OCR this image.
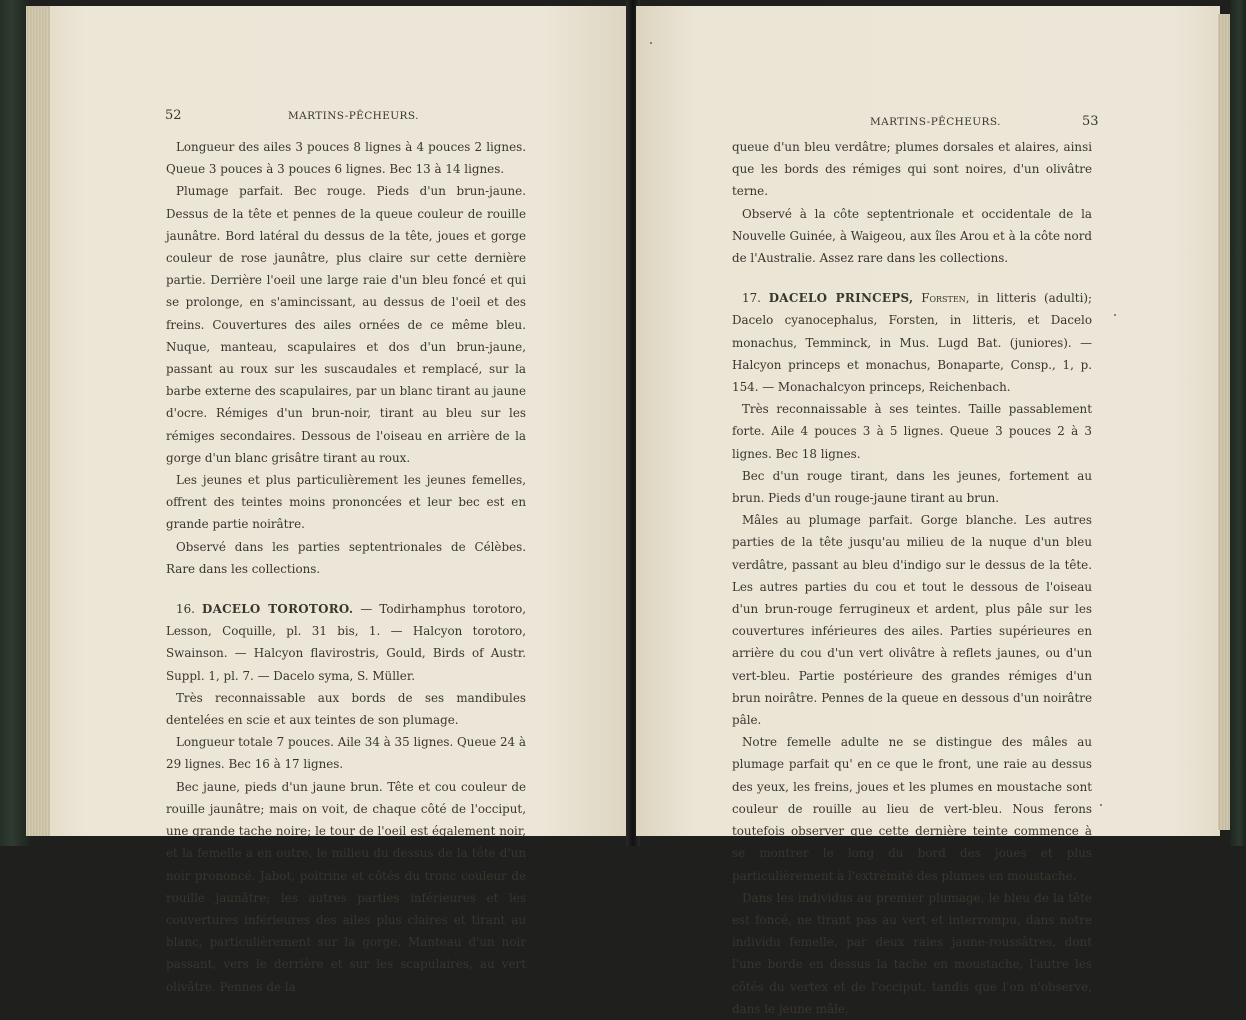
52	MARTINS-PÊCHEURS.

Longueur des ailes 3 pouces 8 lignes à 4 pouces 2 lignes. Queue 3 pouces à 3 pouces 6 lignes. Bec 13 à 14 lignes.

Plumage parfait. Bec rouge. Pieds d'un brun-jaune. Dessus de la tête et pennes de la queue couleur de rouille jaunâtre. Bord latéral du dessus de la tête, joues et gorge couleur de rose jaunâtre, plus claire sur cette dernière partie. Derrière l'oeil une large raie d'un bleu foncé et qui se prolonge, en s'amincissant, au dessus de l'oeil et des freins. Couvertures des ailes ornées de ce même bleu. Nuque, manteau, scapulaires et dos d'un brun-jaune, passant au roux sur les suscaudales et remplacé, sur la barbe externe des scapulaires, par un blanc tirant au jaune d'ocre. Rémiges d'un brun-noir, tirant au bleu sur les rémiges secondaires. Dessous de l'oiseau en arrière de la gorge d'un blanc grisâtre tirant au roux.

Les jeunes et plus particulièrement les jeunes femelles, offrent des teintes moins prononcées et leur bec est en grande partie noirâtre.

Observé dans les parties septentrionales de Célèbes. Rare dans les collections.

16. DACELO TOROTORO. — Todirhamphus torotoro, Lesson, Coquille, pl. 31 bis, 1. — Halcyon torotoro, Swainson. — Halcyon flavirostris, Gould, Birds of Austr. Suppl. 1, pl. 7. — Dacelo syma, S. Müller.

Très reconnaissable aux bords de ses mandibules dentelées en scie et aux teintes de son plumage.

Longueur totale 7 pouces. Aile 34 à 35 lignes. Queue 24 à 29 lignes. Bec 16 à 17 lignes.

Bec jaune, pieds d'un jaune brun. Tête et cou couleur de rouille jaunâtre; mais on voit, de chaque côté de l'occiput, une grande tache noire; le tour de l'oeil est également noir, et la femelle a en outre, le milieu du dessus de la tête d'un noir prononcé. Jabot, poitrine et côtés du tronc couleur de rouille jaunâtre; les autres parties inférieures et les couvertures inférieures des ailes plus claires et tirant au blanc, particulièrement sur la gorge. Manteau d'un noir passant, vers le derrière et sur les scapulaires, au vert olivâtre. Pennes de la

MARTINS-PÊCHEURS.	53

queue d'un bleu verdâtre; plumes dorsales et alaires, ainsi que les bords des rémiges qui sont noires, d'un olivâtre terne.

Observé à la côte septentrionale et occidentale de la Nouvelle Guinée, à Waigeou, aux îles Arou et à la côte nord de l'Australie. Assez rare dans les collections.

17. DACELO PRINCEPS, Forsten, in litteris (adulti); Dacelo cyanocephalus, Forsten, in litteris, et Dacelo monachus, Temminck, in Mus. Lugd Bat. (juniores). — Halcyon princeps et monachus, Bonaparte, Consp., 1, p. 154. — Monachalcyon princeps, Reichenbach.

Très reconnaissable à ses teintes. Taille passablement forte. Aile 4 pouces 3 à 5 lignes. Queue 3 pouces 2 à 3 lignes. Bec 18 lignes.

Bec d'un rouge tirant, dans les jeunes, fortement au brun. Pieds d'un rouge-jaune tirant au brun.

Mâles au plumage parfait. Gorge blanche. Les autres parties de la tête jusqu'au milieu de la nuque d'un bleu verdâtre, passant au bleu d'indigo sur le dessus de la tête. Les autres parties du cou et tout le dessous de l'oiseau d'un brun-rouge ferrugineux et ardent, plus pâle sur les couvertures inférieures des ailes. Parties supérieures en arrière du cou d'un vert olivâtre à reflets jaunes, ou d'un vert-bleu. Partie postérieure des grandes rémiges d'un brun noirâtre. Pennes de la queue en dessous d'un noirâtre pâle.

Notre femelle adulte ne se distingue des mâles au plumage parfait qu' en ce que le front, une raie au dessus des yeux, les freins, joues et les plumes en moustache sont couleur de rouille au lieu de vert-bleu. Nous ferons toutefois observer que cette dernière teinte commence à se montrer le long du bord des joues et plus particulièrement à l'extrémité des plumes en moustache.

Dans les individus au premier plumage, le bleu de la tête est foncé, ne tirant pas au vert et interrompu, dans notre individu femelle, par deux raies jaune-roussâtres, dont l'une borde en dessus la tache en moustache, l'autre les côtés du vertex et de l'occiput, tandis que l'on n'observe, dans le jeune mâle,
